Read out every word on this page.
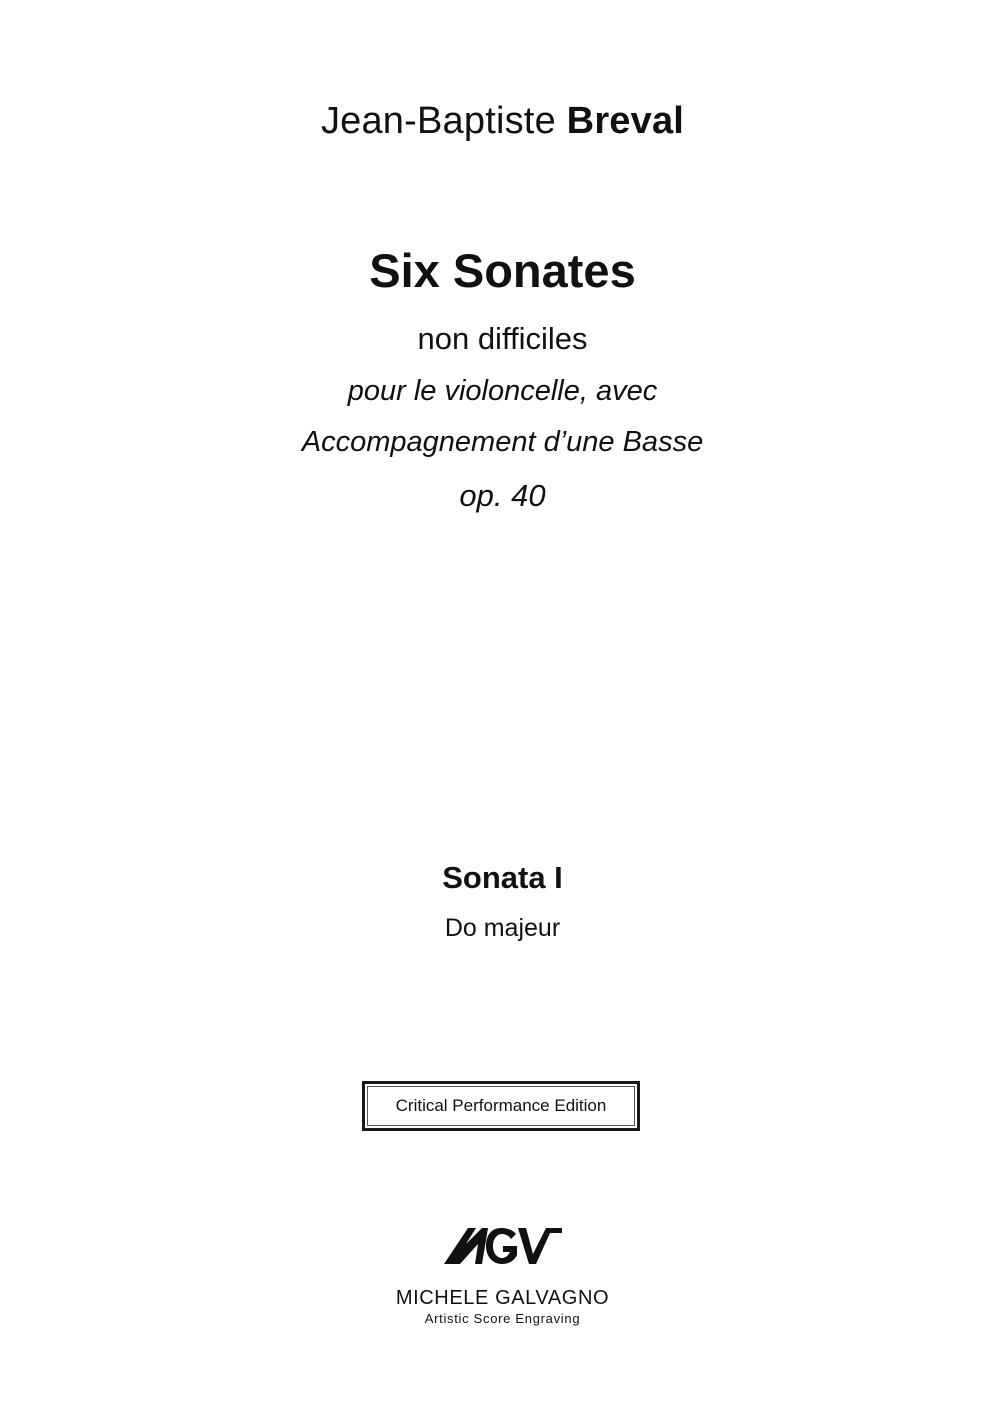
Jean-Baptiste Breval
Six Sonates
non difficiles
pour le violoncelle, avec
Accompagnement d’une Basse
op. 40
Sonata I
Do majeur
Critical Performance Edition
MICHELE GALVAGNO
Artistic Score Engraving
